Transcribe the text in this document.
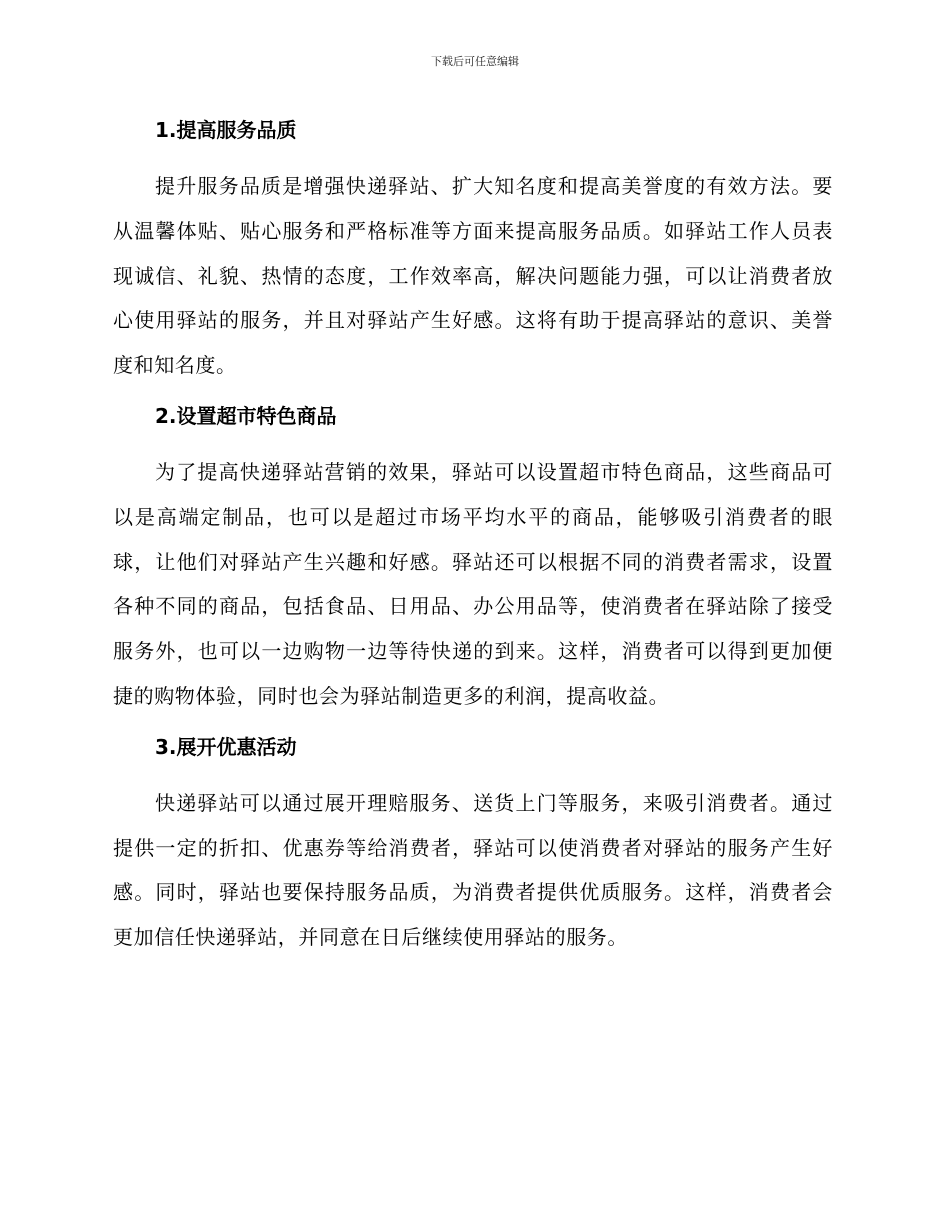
下载后可任意编辑
1.提高服务品质

提升服务品质是增强快递驿站、扩大知名度和提高美誉度的有效方法。要从温馨体贴、贴心服务和严格标准等方面来提高服务品质。如驿站工作人员表现诚信、礼貌、热情的态度，工作效率高，解决问题能力强，可以让消费者放心使用驿站的服务，并且对驿站产生好感。这将有助于提高驿站的意识、美誉度和知名度。

2.设置超市特色商品

为了提高快递驿站营销的效果，驿站可以设置超市特色商品，这些商品可以是高端定制品，也可以是超过市场平均水平的商品，能够吸引消费者的眼球，让他们对驿站产生兴趣和好感。驿站还可以根据不同的消费者需求，设置各种不同的商品，包括食品、日用品、办公用品等，使消费者在驿站除了接受服务外，也可以一边购物一边等待快递的到来。这样，消费者可以得到更加便捷的购物体验，同时也会为驿站制造更多的利润，提高收益。

3.展开优惠活动

快递驿站可以通过展开理赔服务、送货上门等服务，来吸引消费者。通过提供一定的折扣、优惠券等给消费者，驿站可以使消费者对驿站的服务产生好感。同时，驿站也要保持服务品质，为消费者提供优质服务。这样，消费者会更加信任快递驿站，并同意在日后继续使用驿站的服务。
